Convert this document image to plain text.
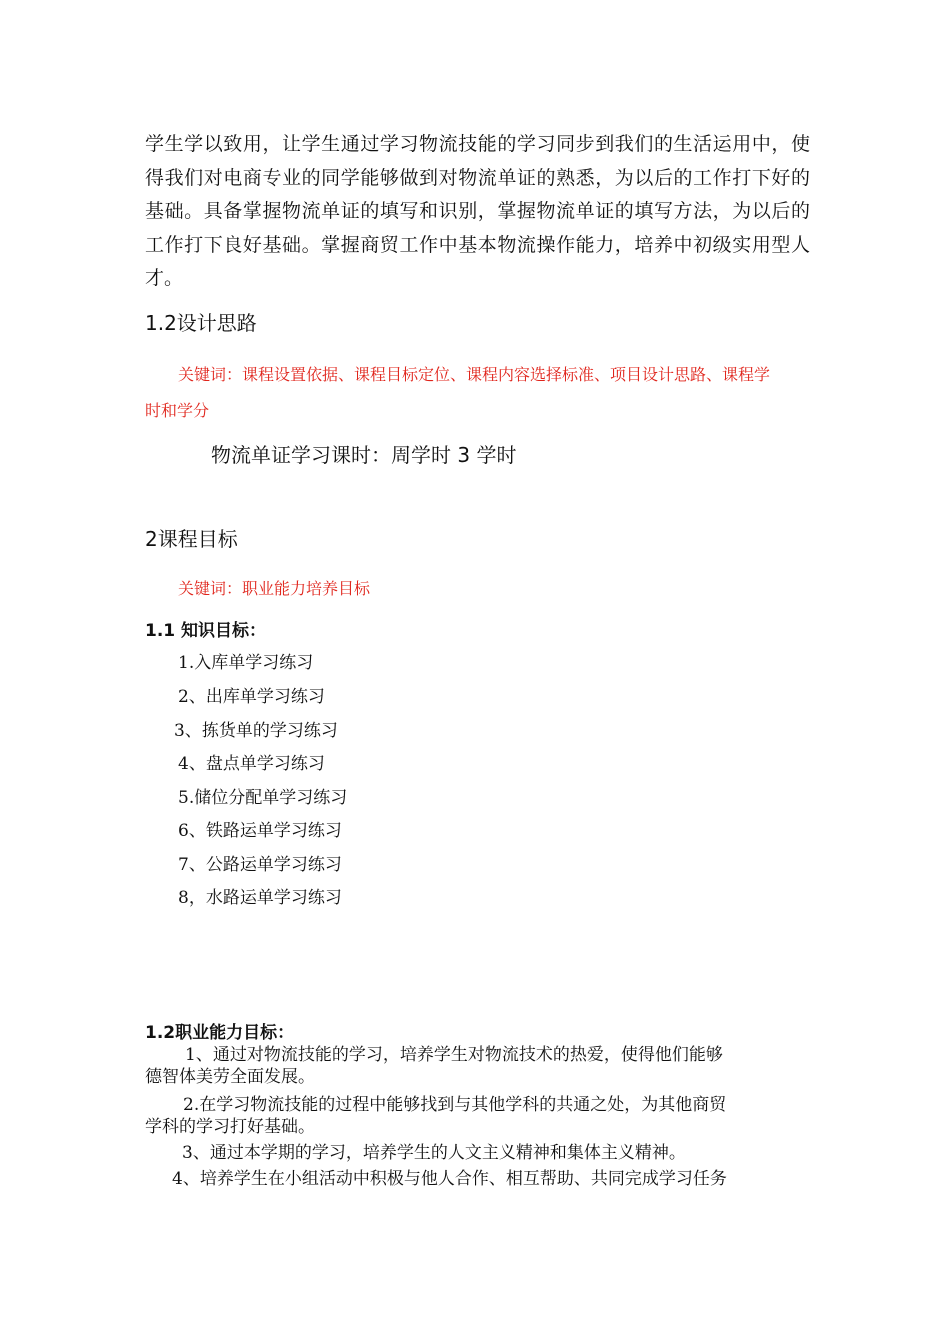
学生学以致用，让学生通过学习物流技能的学习同步到我们的生活运用中，使
得我们对电商专业的同学能够做到对物流单证的熟悉，为以后的工作打下好的
基础。具备掌握物流单证的填写和识别，掌握物流单证的填写方法，为以后的
工作打下良好基础。掌握商贸工作中基本物流操作能力，培养中初级实用型人
才。
1.2设计思路
关键词：课程设置依据、课程目标定位、课程内容选择标准、项目设计思路、课程学
时和学分
物流单证学习课时：周学时 3 学时
2课程目标
关键词：职业能力培养目标
1.1 知识目标：
1.入库单学习练习
2、出库单学习练习
3、拣货单的学习练习
4、盘点单学习练习
5.储位分配单学习练习
6、铁路运单学习练习
7、公路运单学习练习
8，水路运单学习练习
1.2职业能力目标：
1、通过对物流技能的学习，培养学生对物流技术的热爱，使得他们能够
德智体美劳全面发展。
2.在学习物流技能的过程中能够找到与其他学科的共通之处，为其他商贸
学科的学习打好基础。
3、通过本学期的学习，培养学生的人文主义精神和集体主义精神。
4、培养学生在小组活动中积极与他人合作、相互帮助、共同完成学习任务
